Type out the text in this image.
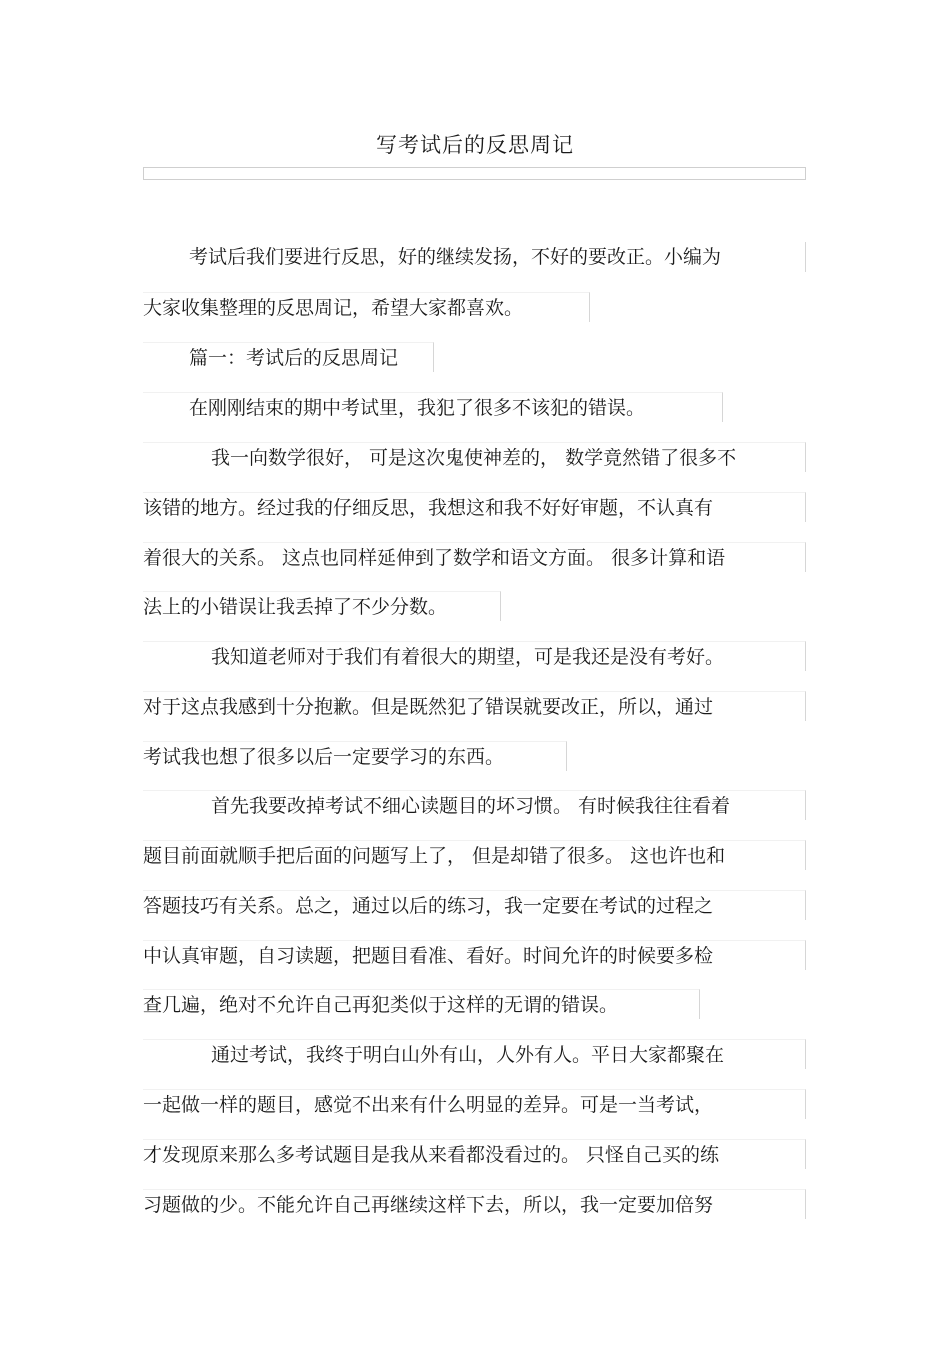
写考试后的反思周记
考试后我们要进行反思，好的继续发扬，不好的要改正。小编为
大家收集整理的反思周记，希望大家都喜欢。
篇一：考试后的反思周记
在刚刚结束的期中考试里，我犯了很多不该犯的错误。
我一向数学很好， 可是这次鬼使神差的， 数学竟然错了很多不
该错的地方。经过我的仔细反思，我想这和我不好好审题，不认真有
着很大的关系。 这点也同样延伸到了数学和语文方面。 很多计算和语
法上的小错误让我丢掉了不少分数。
我知道老师对于我们有着很大的期望，可是我还是没有考好。
对于这点我感到十分抱歉。但是既然犯了错误就要改正，所以，通过
考试我也想了很多以后一定要学习的东西。
首先我要改掉考试不细心读题目的坏习惯。 有时候我往往看着
题目前面就顺手把后面的问题写上了， 但是却错了很多。 这也许也和
答题技巧有关系。总之，通过以后的练习，我一定要在考试的过程之
中认真审题，自习读题，把题目看准、看好。时间允许的时候要多检
查几遍，绝对不允许自己再犯类似于这样的无谓的错误。
通过考试，我终于明白山外有山，人外有人。平日大家都聚在
一起做一样的题目，感觉不出来有什么明显的差异。可是一当考试，
才发现原来那么多考试题目是我从来看都没看过的。 只怪自己买的练
习题做的少。不能允许自己再继续这样下去，所以，我一定要加倍努
